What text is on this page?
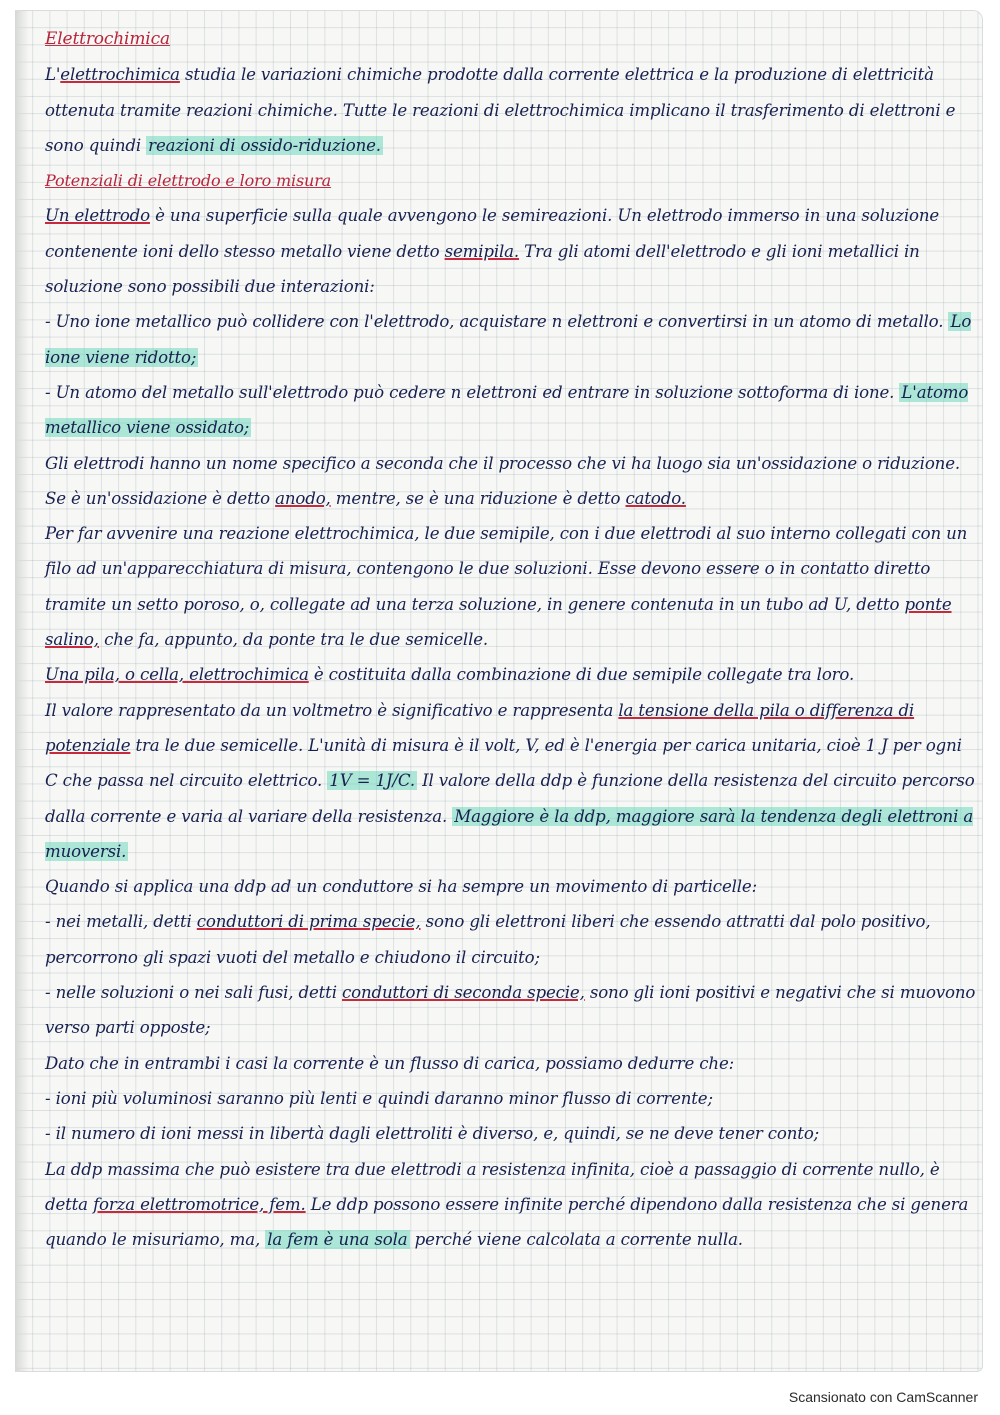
Elettrochimica

L'elettrochimica studia le variazioni chimiche prodotte dalla corrente elettrica e la produzione di elettricità ottenuta tramite reazioni chimiche. Tutte le reazioni di elettrochimica implicano il trasferimento di elettroni e sono quindi reazioni di ossido-riduzione.

Potenziali di elettrodo e loro misura

Un elettrodo è una superficie sulla quale avvengono le semireazioni. Un elettrodo immerso in una soluzione contenente ioni dello stesso metallo viene detto semipila. Tra gli atomi dell'elettrodo e gli ioni metallici in soluzione sono possibili due interazioni:

- Uno ione metallico può collidere con l'elettrodo, acquistare n elettroni e convertirsi in un atomo di metallo. Lo ione viene ridotto;

- Un atomo del metallo sull'elettrodo può cedere n elettroni ed entrare in soluzione sottoforma di ione. L'atomo metallico viene ossidato;

Gli elettrodi hanno un nome specifico a seconda che il processo che vi ha luogo sia un'ossidazione o riduzione. Se è un'ossidazione è detto anodo, mentre, se è una riduzione è detto catodo.

Per far avvenire una reazione elettrochimica, le due semipile, con i due elettrodi al suo interno collegati con un filo ad un'apparecchiatura di misura, contengono le due soluzioni. Esse devono essere o in contatto diretto tramite un setto poroso, o, collegate ad una terza soluzione, in genere contenuta in un tubo ad U, detto ponte salino, che fa, appunto, da ponte tra le due semicelle.

Una pila, o cella, elettrochimica è costituita dalla combinazione di due semipile collegate tra loro.

Il valore rappresentato da un voltmetro è significativo e rappresenta la tensione della pila o differenza di potenziale tra le due semicelle. L'unità di misura è il volt, V, ed è l'energia per carica unitaria, cioè 1 J per ogni C che passa nel circuito elettrico. 1V = 1J/C. Il valore della ddp è funzione della resistenza del circuito percorso dalla corrente e varia al variare della resistenza. Maggiore è la ddp, maggiore sarà la tendenza degli elettroni a muoversi.

Quando si applica una ddp ad un conduttore si ha sempre un movimento di particelle:

- nei metalli, detti conduttori di prima specie, sono gli elettroni liberi che essendo attratti dal polo positivo, percorrono gli spazi vuoti del metallo e chiudono il circuito;

- nelle soluzioni o nei sali fusi, detti conduttori di seconda specie, sono gli ioni positivi e negativi che si muovono verso parti opposte;

Dato che in entrambi i casi la corrente è un flusso di carica, possiamo dedurre che:

- ioni più voluminosi saranno più lenti e quindi daranno minor flusso di corrente;

- il numero di ioni messi in libertà dagli elettroliti è diverso, e, quindi, se ne deve tener conto;

La ddp massima che può esistere tra due elettrodi a resistenza infinita, cioè a passaggio di corrente nullo, è detta forza elettromotrice, fem. Le ddp possono essere infinite perché dipendono dalla resistenza che si genera quando le misuriamo, ma, la fem è una sola perché viene calcolata a corrente nulla.

Scansionato con CamScanner
